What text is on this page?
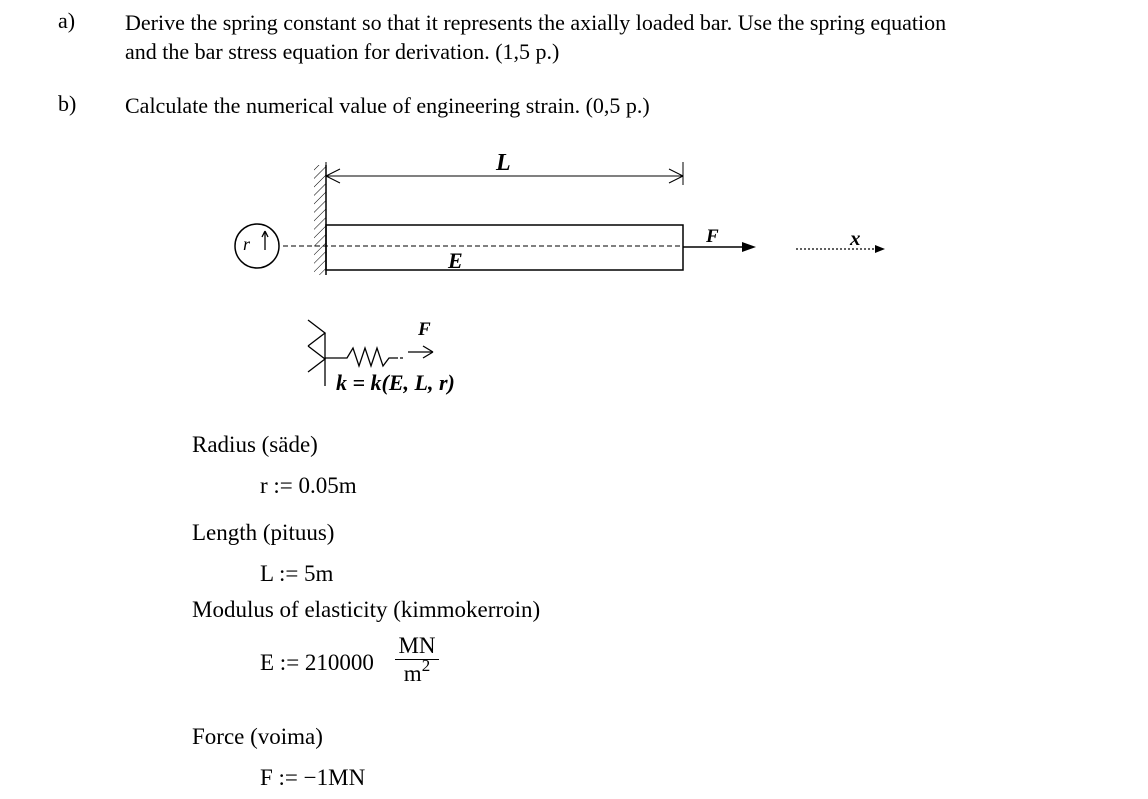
a) Derive the spring constant so that it represents the axially loaded bar. Use the spring equation
and the bar stress equation for derivation. (1,5 p.)
b) Calculate the numerical value of engineering strain. (0,5 p.)
L
E
r	F	x
F
k = k(E, L, r)
Radius (säde)
r := 0.05m
Length (pituus)
L := 5m
Modulus of elasticity (kimmokerroin)
E := 210000
MN
$m^2$
Force (voima)
F := −1MN
